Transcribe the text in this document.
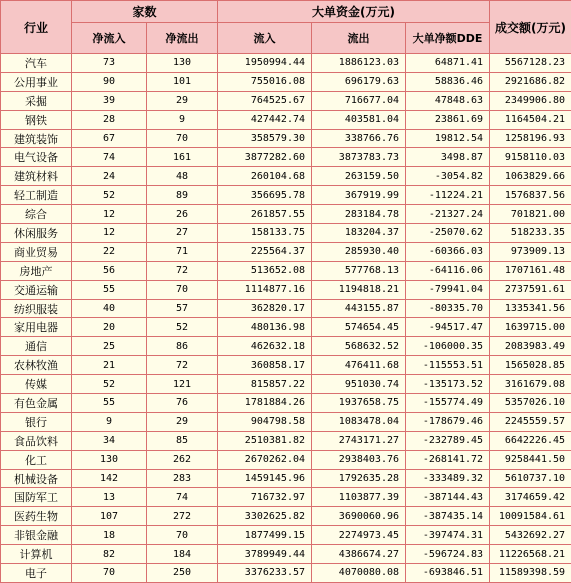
行业	家数		大单资金(万元)			成交额(万元)
	净流入	净流出	流入	流出	大单净额DDE	
汽车	73	130	1950994.44	1886123.03	64871.41	5567128.23
公用事业	90	101	755016.08	696179.63	58836.46	2921686.82
采掘	39	29	764525.67	716677.04	47848.63	2349906.80
钢铁	28	9	427442.74	403581.04	23861.69	1164504.21
建筑装饰	67	70	358579.30	338766.76	19812.54	1258196.93
电气设备	74	161	3877282.60	3873783.73	3498.87	9158110.03
建筑材料	24	48	260104.68	263159.50	-3054.82	1063829.66
轻工制造	52	89	356695.78	367919.99	-11224.21	1576837.56
综合	12	26	261857.55	283184.78	-21327.24	701821.00
休闲服务	12	27	158133.75	183204.37	-25070.62	518233.35
商业贸易	22	71	225564.37	285930.40	-60366.03	973909.13
房地产	56	72	513652.08	577768.13	-64116.06	1707161.48
交通运输	55	70	1114877.16	1194818.21	-79941.04	2737591.61
纺织服装	40	57	362820.17	443155.87	-80335.70	1335341.56
家用电器	20	52	480136.98	574654.45	-94517.47	1639715.00
通信	25	86	462632.18	568632.52	-106000.35	2083983.49
农林牧渔	21	72	360858.17	476411.68	-115553.51	1565028.85
传媒	52	121	815857.22	951030.74	-135173.52	3161679.08
有色金属	55	76	1781884.26	1937658.75	-155774.49	5357026.10
银行	9	29	904798.58	1083478.04	-178679.46	2245559.57
食品饮料	34	85	2510381.82	2743171.27	-232789.45	6642226.45
化工	130	262	2670262.04	2938403.76	-268141.72	9258441.50
机械设备	142	283	1459145.96	1792635.28	-333489.32	5610737.10
国防军工	13	74	716732.97	1103877.39	-387144.43	3174659.42
医药生物	107	272	3302625.82	3690060.96	-387435.14	10091584.61
非银金融	18	70	1877499.15	2274973.45	-397474.31	5432692.27
计算机	82	184	3789949.44	4386674.27	-596724.83	11226568.21
电子	70	250	3376233.57	4070080.08	-693846.51	11589398.59
